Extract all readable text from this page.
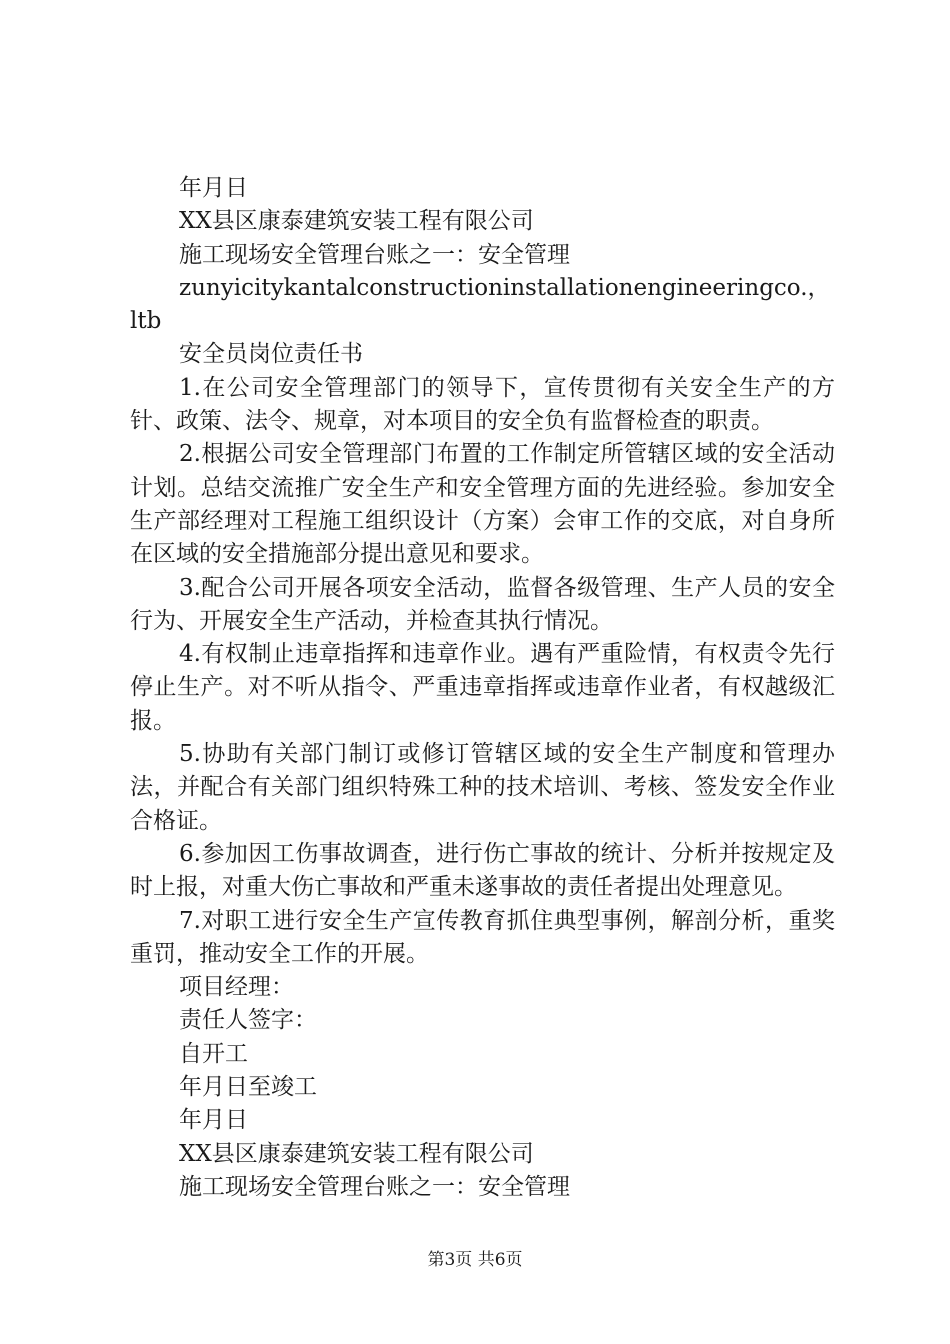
年月日
XX县区康泰建筑安装工程有限公司
施工现场安全管理台账之一：安全管理

zunyicitykantalconstructioninstallationengineeringco.，ltb

安全员岗位责任书

1.在公司安全管理部门的领导下，宣传贯彻有关安全生产的方针、政策、法令、规章，对本项目的安全负有监督检查的职责。

2.根据公司安全管理部门布置的工作制定所管辖区域的安全活动计划。总结交流推广安全生产和安全管理方面的先进经验。参加安全生产部经理对工程施工组织设计（方案）会审工作的交底，对自身所在区域的安全措施部分提出意见和要求。

3.配合公司开展各项安全活动，监督各级管理、生产人员的安全行为、开展安全生产活动，并检查其执行情况。

4.有权制止违章指挥和违章作业。遇有严重险情，有权责令先行停止生产。对不听从指令、严重违章指挥或违章作业者，有权越级汇报。

5.协助有关部门制订或修订管辖区域的安全生产制度和管理办法，并配合有关部门组织特殊工种的技术培训、考核、签发安全作业合格证。

6.参加因工伤事故调查，进行伤亡事故的统计、分析并按规定及时上报，对重大伤亡事故和严重未遂事故的责任者提出处理意见。

7.对职工进行安全生产宣传教育抓住典型事例，解剖分析，重奖重罚，推动安全工作的开展。

项目经理：
责任人签字：
自开工
年月日至竣工
年月日
XX县区康泰建筑安装工程有限公司
施工现场安全管理台账之一：安全管理
第3页 共6页
